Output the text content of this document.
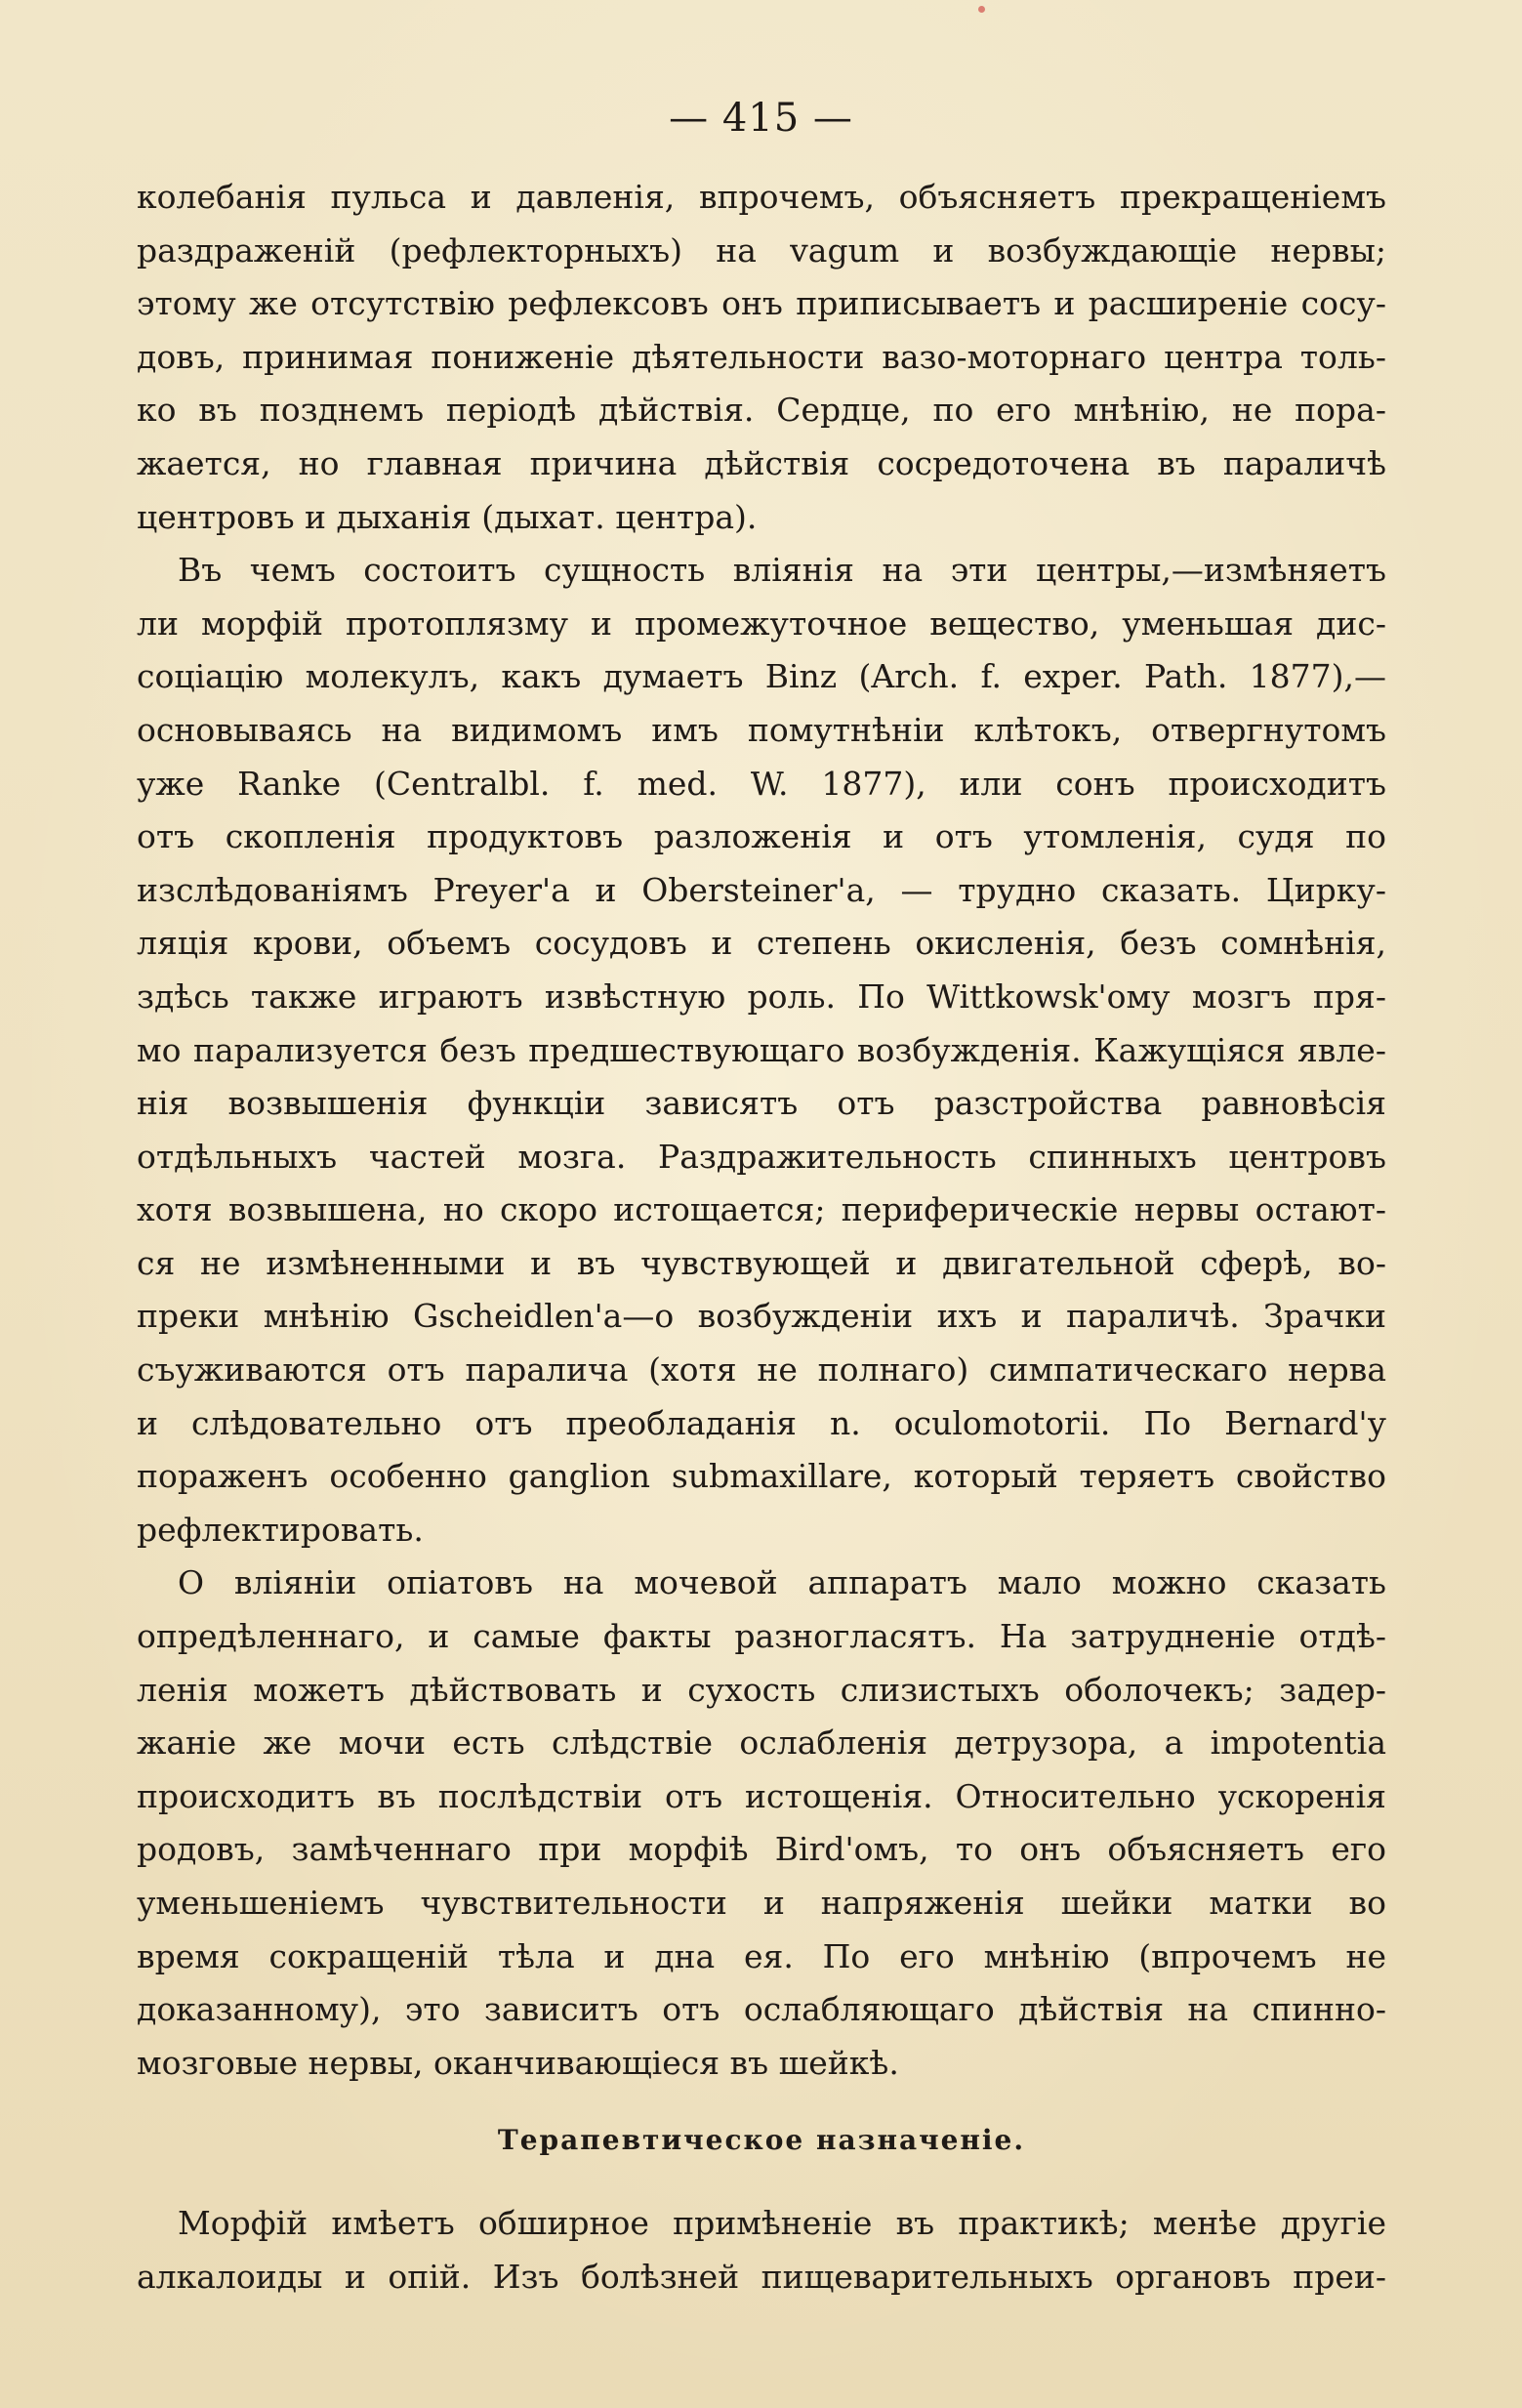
— 415 —
колебанія пульса и давленія, впрочемъ, объясняетъ прекращеніемъ
раздраженій (рефлекторныхъ) на vagum и возбуждающіе нервы;
этому же отсутствію рефлексовъ онъ приписываетъ и расширеніе сосу-
довъ, принимая пониженіе дѣятельности вазо-моторнаго центра толь-
ко въ позднемъ періодѣ дѣйствія. Сердце, по его мнѣнію, не пора-
жается, но главная причина дѣйствія сосредоточена въ параличѣ
центровъ и дыханія (дыхат. центра).
Въ чемъ состоитъ сущность вліянія на эти центры,—измѣняетъ
ли морфій протоплязму и промежуточное вещество, уменьшая дис-
соціацію молекулъ, какъ думаетъ Binz (Arch. f. exper. Path. 1877),—
основываясь на видимомъ имъ помутнѣніи клѣтокъ, отвергнутомъ
уже Ranke (Centralbl. f. med. W. 1877), или сонъ происходитъ
отъ скопленія продуктовъ разложенія и отъ утомленія, судя по
изслѣдованіямъ Preyer'а и Obersteiner'а, — трудно сказать. Цирку-
ляція крови, объемъ сосудовъ и степень окисленія, безъ сомнѣнія,
здѣсь также играютъ извѣстную роль. По Wittkowsk'ому мозгъ пря-
мо парализуется безъ предшествующаго возбужденія. Кажущіяся явле-
нія возвышенія функціи зависятъ отъ разстройства равновѣсія
отдѣльныхъ частей мозга. Раздражительность спинныхъ центровъ
хотя возвышена, но скоро истощается; периферическіе нервы остают-
ся не измѣненными и въ чувствующей и двигательной сферѣ, во-
преки мнѣнію Gscheidlen'а—о возбужденіи ихъ и параличѣ. Зрачки
съуживаются отъ паралича (хотя не полнаго) симпатическаго нерва
и слѣдовательно отъ преобладанія n. oculomotorii. По Bernard'у
пораженъ особенно ganglion submaxillare, который теряетъ свойство
рефлектировать.
О вліяніи опіатовъ на мочевой аппаратъ мало можно сказать
опредѣленнаго, и самые факты разногласятъ. На затрудненіе отдѣ-
ленія можетъ дѣйствовать и сухость слизистыхъ оболочекъ; задер-
жаніе же мочи есть слѣдствіе ослабленія детрузора, а impotentia
происходитъ въ послѣдствіи отъ истощенія. Относительно ускоренія
родовъ, замѣченнаго при морфіѣ Bird'омъ, то онъ объясняетъ его
уменьшеніемъ чувствительности и напряженія шейки матки во
время сокращеній тѣла и дна ея. По его мнѣнію (впрочемъ не
доказанному), это зависитъ отъ ослабляющаго дѣйствія на спинно-
мозговые нервы, оканчивающіеся въ шейкѣ.
Терапевтическое назначеніе.
Морфій имѣетъ обширное примѣненіе въ практикѣ; менѣе другіе
алкалоиды и опій. Изъ болѣзней пищеварительныхъ органовъ преи-
